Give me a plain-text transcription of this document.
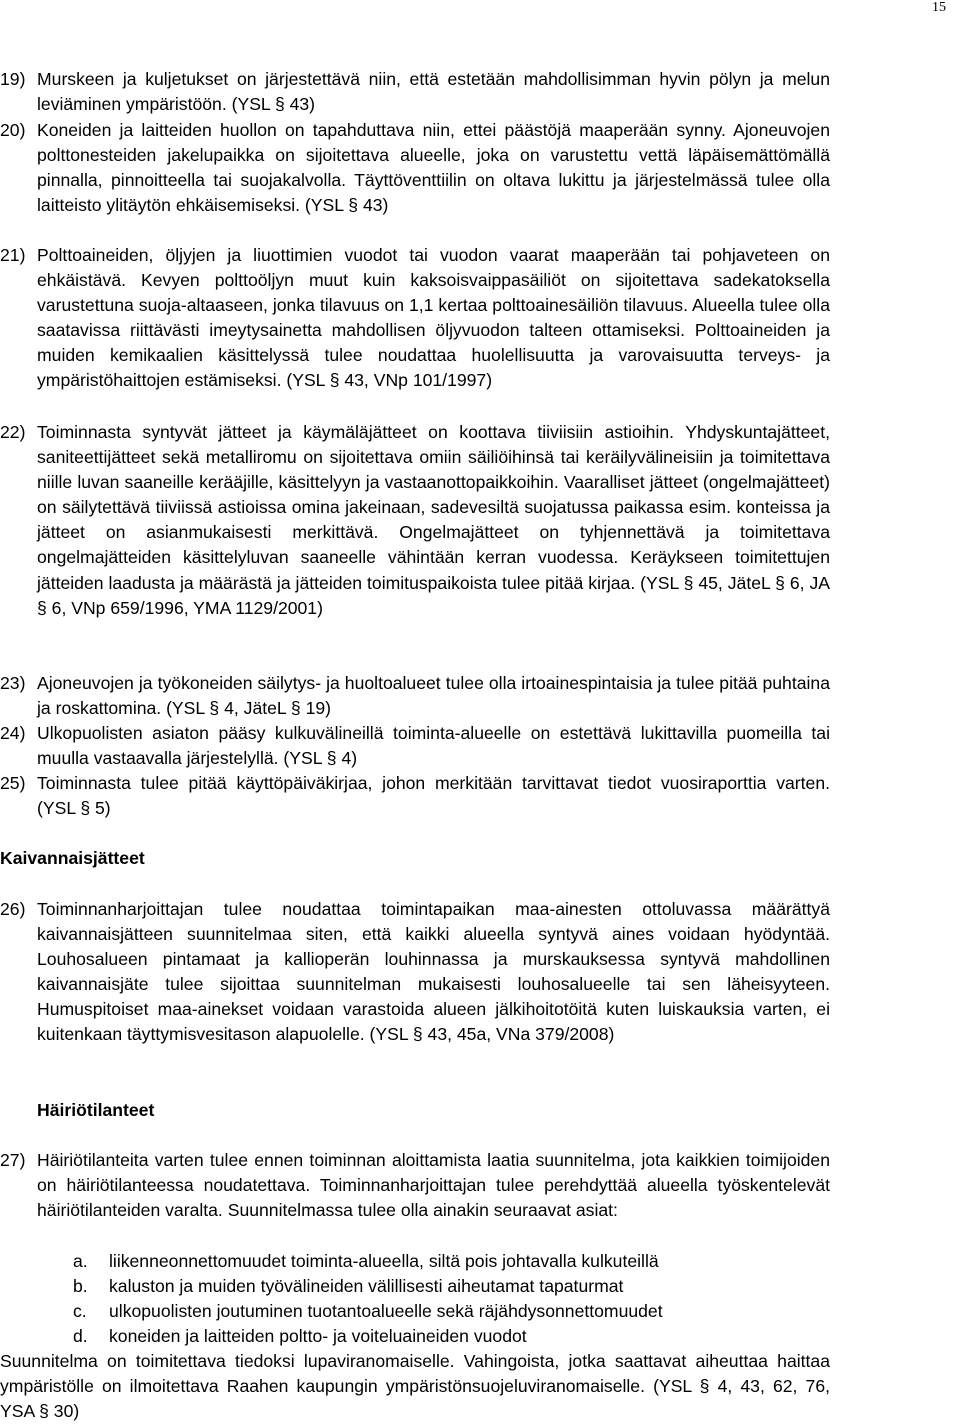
15
19) Murskeen ja kuljetukset on järjestettävä niin, että estetään mahdollisimman hyvin pölyn ja melun leviäminen ympäristöön. (YSL § 43)
20) Koneiden ja laitteiden huollon on tapahduttava niin, ettei päästöjä maaperään synny. Ajoneuvojen polttonesteiden jakelupaikka on sijoitettava alueelle, joka on varustettu vettä läpäisemättömällä pinnalla, pinnoitteella tai suojakalvolla. Täyttöventtiilin on oltava lukittu ja järjestelmässä tulee olla laitteisto ylitäytön ehkäisemiseksi. (YSL § 43)
21) Polttoaineiden, öljyjen ja liuottimien vuodot tai vuodon vaarat maaperään tai pohjaveteen on ehkäistävä. Kevyen polttoöljyn muut kuin kaksoisvaippasäiliöt on sijoitettava sadekatoksella varustettuna suoja-altaaseen, jonka tilavuus on 1,1 kertaa polttoainesäiliön tilavuus. Alueella tulee olla saatavissa riittävästi imeytysainetta mahdollisen öljyvuodon talteen ottamiseksi. Polttoaineiden ja muiden kemikaalien käsittelyssä tulee noudattaa huolellisuutta ja varovaisuutta terveys- ja ympäristöhaittojen estämiseksi. (YSL § 43, VNp 101/1997)
22) Toiminnasta syntyvät jätteet ja käymäläjätteet on koottava tiiviisiin astioihin. Yhdyskuntajätteet, saniteettijätteet sekä metalliromu on sijoitettava omiin säiliöihinsä tai keräilyvälineisiin ja toimitettava niille luvan saaneille kerääjille, käsittelyyn ja vastaanottopaikkoihin. Vaaralliset jätteet (ongelmajätteet) on säilytettävä tiiviissä astioissa omina jakeinaan, sadevesiltä suojatussa paikassa esim. konteissa ja jätteet on asianmukaisesti merkittävä. Ongelmajätteet on tyhjennettävä ja toimitettava ongelmajätteiden käsittelyluvan saaneelle vähintään kerran vuodessa. Keräykseen toimitettujen jätteiden laadusta ja määrästä ja jätteiden toimituspaikoista tulee pitää kirjaa. (YSL § 45, JäteL § 6, JA § 6, VNp 659/1996, YMA 1129/2001)
23) Ajoneuvojen ja työkoneiden säilytys- ja huoltoalueet tulee olla irtoainespintaisia ja tulee pitää puhtaina ja roskattomina. (YSL § 4, JäteL § 19)
24) Ulkopuolisten asiaton pääsy kulkuvälineillä toiminta-alueelle on estettävä lukittavilla puomeilla tai muulla vastaavalla järjestelyllä. (YSL § 4)
25) Toiminnasta tulee pitää käyttöpäiväkirjaa, johon merkitään tarvittavat tiedot vuosiraporttia varten. (YSL § 5)
Kaivannaisjätteet
26) Toiminnanharjoittajan tulee noudattaa toimintapaikan maa-ainesten ottoluvassa määrättyä kaivannaisjätteen suunnitelmaa siten, että kaikki alueella syntyvä aines voidaan hyödyntää. Louhosalueen pintamaat ja kallioperän louhinnassa ja murskauksessa syntyvä mahdollinen kaivannaisjäte tulee sijoittaa suunnitelman mukaisesti louhosalueelle tai sen läheisyyteen. Humuspitoiset maa-ainekset voidaan varastoida alueen jälkihoitotöitä kuten luiskauksia varten, ei kuitenkaan täyttymisvesitason alapuolelle. (YSL § 43, 45a, VNa 379/2008)
Häiriötilanteet
27) Häiriötilanteita varten tulee ennen toiminnan aloittamista laatia suunnitelma, jota kaikkien toimijoiden on häiriötilanteessa noudatettava. Toiminnanharjoittajan tulee perehdyttää alueella työskentelevät häiriötilanteiden varalta. Suunnitelmassa tulee olla ainakin seuraavat asiat:
a. liikenneonnettomuudet toiminta-alueella, siltä pois johtavalla kulkuteillä
b. kaluston ja muiden työvälineiden välillisesti aiheutamat tapaturmat
c. ulkopuolisten joutuminen tuotantoalueelle sekä räjähdysonnettomuudet
d. koneiden ja laitteiden poltto- ja voiteluaineiden vuodot
Suunnitelma on toimitettava tiedoksi lupaviranomaiselle. Vahingoista, jotka saattavat aiheuttaa haittaa ympäristölle on ilmoitettava Raahen kaupungin ympäristönsuojeluviranomaiselle. (YSL § 4, 43, 62, 76, YSA § 30)
